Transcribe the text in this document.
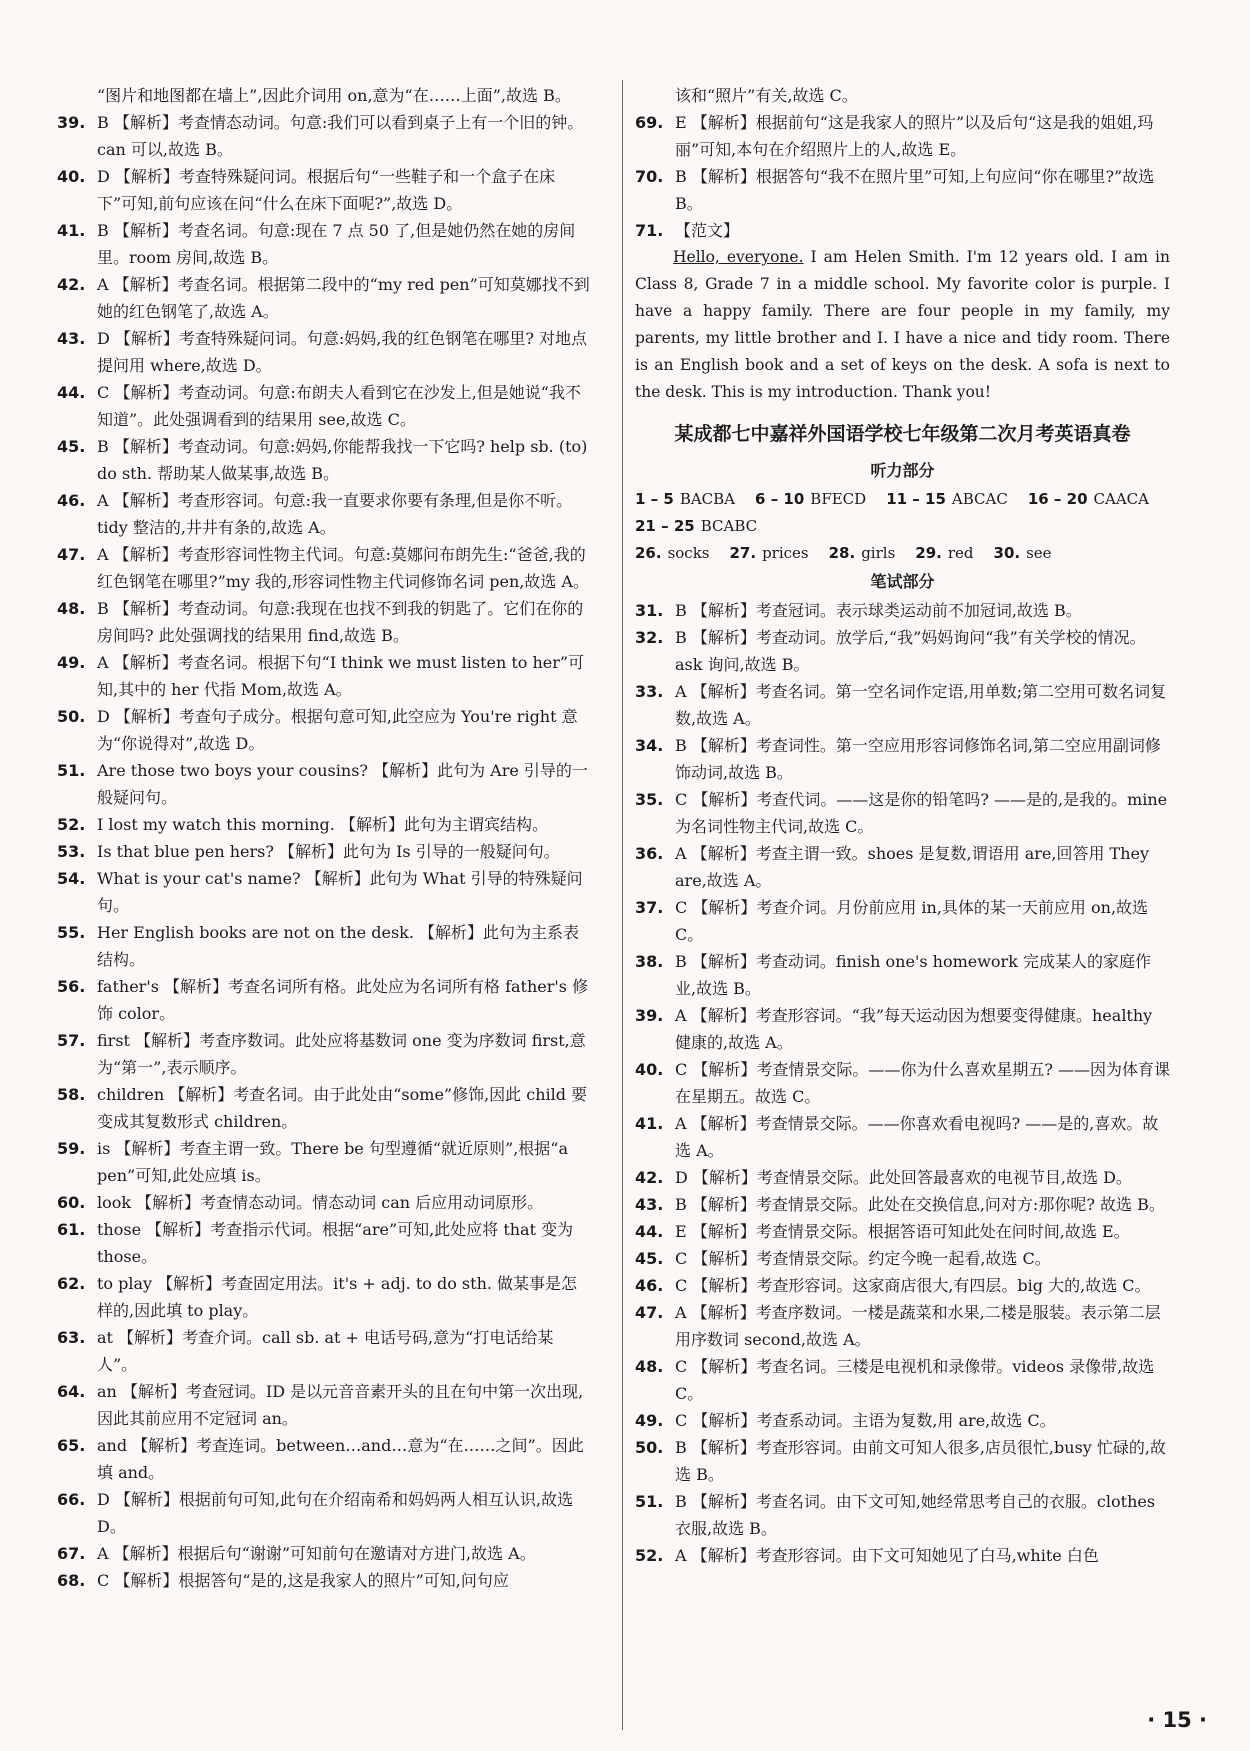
“图片和地图都在墙上”,因此介词用 on,意为“在……上面”,故选 B。
39. B 【解析】考查情态动词。句意:我们可以看到桌子上有一个旧的钟。can 可以,故选 B。
40. D 【解析】考查特殊疑问词。根据后句“一些鞋子和一个盒子在床下”可知,前句应该在问“什么在床下面呢?”,故选 D。
41. B 【解析】考查名词。句意:现在 7 点 50 了,但是她仍然在她的房间里。room 房间,故选 B。
42. A 【解析】考查名词。根据第二段中的“my red pen”可知莫娜找不到她的红色钢笔了,故选 A。
43. D 【解析】考查特殊疑问词。句意:妈妈,我的红色钢笔在哪里? 对地点提问用 where,故选 D。
44. C 【解析】考查动词。句意:布朗夫人看到它在沙发上,但是她说“我不知道”。此处强调看到的结果用 see,故选 C。
45. B 【解析】考查动词。句意:妈妈,你能帮我找一下它吗? help sb. (to) do sth. 帮助某人做某事,故选 B。
46. A 【解析】考查形容词。句意:我一直要求你要有条理,但是你不听。tidy 整洁的,井井有条的,故选 A。
47. A 【解析】考查形容词性物主代词。句意:莫娜问布朗先生:“爸爸,我的红色钢笔在哪里?”my 我的,形容词性物主代词修饰名词 pen,故选 A。
48. B 【解析】考查动词。句意:我现在也找不到我的钥匙了。它们在你的房间吗? 此处强调找的结果用 find,故选 B。
49. A 【解析】考查名词。根据下句“I think we must listen to her”可知,其中的 her 代指 Mom,故选 A。
50. D 【解析】考查句子成分。根据句意可知,此空应为 You're right 意为“你说得对”,故选 D。
51. Are those two boys your cousins? 【解析】此句为 Are 引导的一般疑问句。
52. I lost my watch this morning. 【解析】此句为主谓宾结构。
53. Is that blue pen hers? 【解析】此句为 Is 引导的一般疑问句。
54. What is your cat's name? 【解析】此句为 What 引导的特殊疑问句。
55. Her English books are not on the desk. 【解析】此句为主系表结构。
56. father's 【解析】考查名词所有格。此处应为名词所有格 father's 修饰 color。
57. first 【解析】考查序数词。此处应将基数词 one 变为序数词 first,意为“第一”,表示顺序。
58. children 【解析】考查名词。由于此处由“some”修饰,因此 child 要变成其复数形式 children。
59. is 【解析】考查主谓一致。There be 句型遵循“就近原则”,根据“a pen”可知,此处应填 is。
60. look 【解析】考查情态动词。情态动词 can 后应用动词原形。
61. those 【解析】考查指示代词。根据“are”可知,此处应将 that 变为 those。
62. to play 【解析】考查固定用法。it's + adj. to do sth. 做某事是怎样的,因此填 to play。
63. at 【解析】考查介词。call sb. at + 电话号码,意为“打电话给某人”。
64. an 【解析】考查冠词。ID 是以元音音素开头的且在句中第一次出现,因此其前应用不定冠词 an。
65. and 【解析】考查连词。between…and…意为“在……之间”。因此填 and。
66. D 【解析】根据前句可知,此句在介绍南希和妈妈两人相互认识,故选 D。
67. A 【解析】根据后句“谢谢”可知前句在邀请对方进门,故选 A。
68. C 【解析】根据答句“是的,这是我家人的照片”可知,问句应
该和“照片”有关,故选 C。
69. E 【解析】根据前句“这是我家人的照片”以及后句“这是我的姐姐,玛丽”可知,本句在介绍照片上的人,故选 E。
70. B 【解析】根据答句“我不在照片里”可知,上句应问“你在哪里?”故选 B。
71. 【范文】
Hello, everyone. I am Helen Smith. I'm 12 years old. I am in Class 8, Grade 7 in a middle school. My favorite color is purple. I have a happy family. There are four people in my family, my parents, my little brother and I. I have a nice and tidy room. There is an English book and a set of keys on the desk. A sofa is next to the desk. This is my introduction. Thank you!
某成都七中嘉祥外国语学校七年级第二次月考英语真卷
听力部分
1 – 5 BACBA 6 – 10 BFECD 11 – 15 ABCAC 16 – 20 CAACA
21 – 25 BCABC
26. socks 27. prices 28. girls 29. red 30. see
笔试部分
31. B 【解析】考查冠词。表示球类运动前不加冠词,故选 B。
32. B 【解析】考查动词。放学后,“我”妈妈询问“我”有关学校的情况。ask 询问,故选 B。
33. A 【解析】考查名词。第一空名词作定语,用单数;第二空用可数名词复数,故选 A。
34. B 【解析】考查词性。第一空应用形容词修饰名词,第二空应用副词修饰动词,故选 B。
35. C 【解析】考查代词。——这是你的铅笔吗? ——是的,是我的。mine 为名词性物主代词,故选 C。
36. A 【解析】考查主谓一致。shoes 是复数,谓语用 are,回答用 They are,故选 A。
37. C 【解析】考查介词。月份前应用 in,具体的某一天前应用 on,故选 C。
38. B 【解析】考查动词。finish one's homework 完成某人的家庭作业,故选 B。
39. A 【解析】考查形容词。“我”每天运动因为想要变得健康。healthy 健康的,故选 A。
40. C 【解析】考查情景交际。——你为什么喜欢星期五? ——因为体育课在星期五。故选 C。
41. A 【解析】考查情景交际。——你喜欢看电视吗? ——是的,喜欢。故选 A。
42. D 【解析】考查情景交际。此处回答最喜欢的电视节目,故选 D。
43. B 【解析】考查情景交际。此处在交换信息,问对方:那你呢? 故选 B。
44. E 【解析】考查情景交际。根据答语可知此处在问时间,故选 E。
45. C 【解析】考查情景交际。约定今晚一起看,故选 C。
46. C 【解析】考查形容词。这家商店很大,有四层。big 大的,故选 C。
47. A 【解析】考查序数词。一楼是蔬菜和水果,二楼是服装。表示第二层用序数词 second,故选 A。
48. C 【解析】考查名词。三楼是电视机和录像带。videos 录像带,故选 C。
49. C 【解析】考查系动词。主语为复数,用 are,故选 C。
50. B 【解析】考查形容词。由前文可知人很多,店员很忙,busy 忙碌的,故选 B。
51. B 【解析】考查名词。由下文可知,她经常思考自己的衣服。clothes 衣服,故选 B。
52. A 【解析】考查形容词。由下文可知她见了白马,white 白色
· 15 ·
